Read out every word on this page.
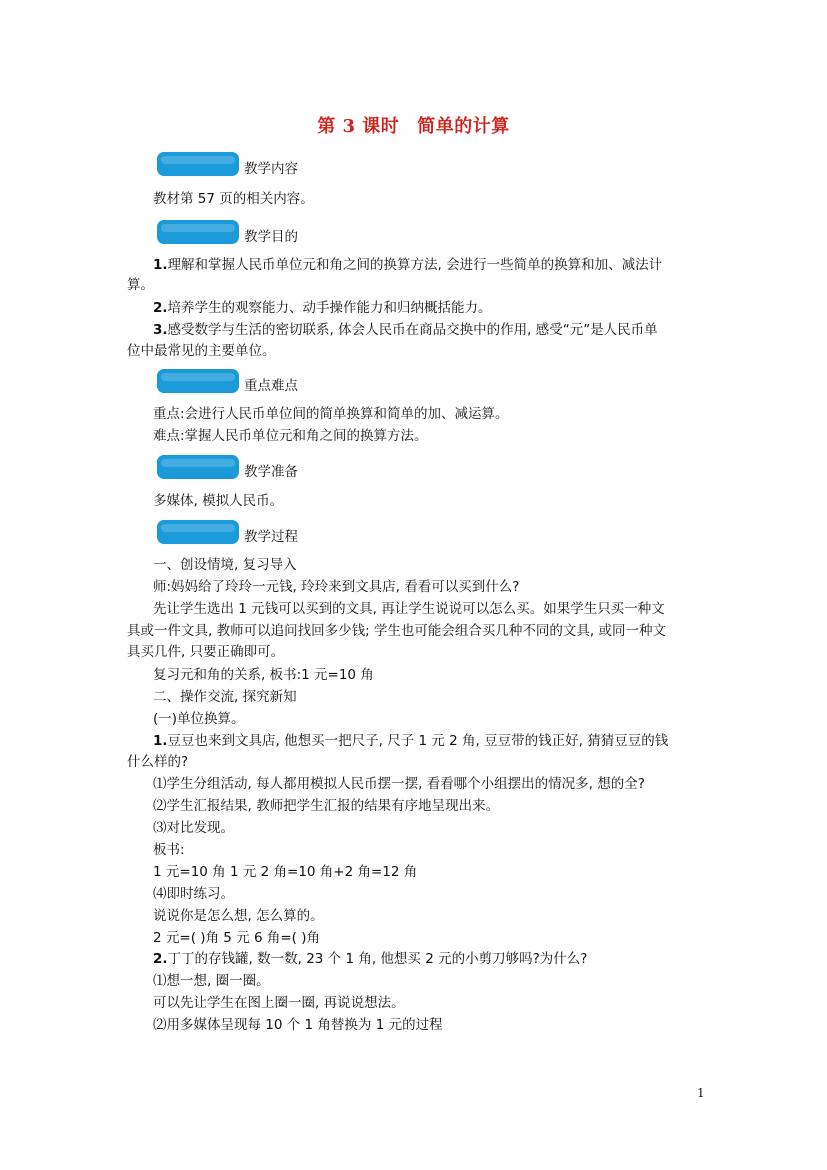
第 3 课时 简单的计算
教学内容
教材第 57 页的相关内容。
教学目的
1.理解和掌握人民币单位元和角之间的换算方法, 会进行一些简单的换算和加、减法计
算。
2.培养学生的观察能力、动手操作能力和归纳概括能力。
3.感受数学与生活的密切联系, 体会人民币在商品交换中的作用, 感受“元”是人民币单
位中最常见的主要单位。
重点难点
重点:会进行人民币单位间的简单换算和简单的加、减运算。
难点:掌握人民币单位元和角之间的换算方法。
教学准备
多媒体, 模拟人民币。
教学过程
一、创设情境, 复习导入
师:妈妈给了玲玲一元钱, 玲玲来到文具店, 看看可以买到什么?
先让学生选出 1 元钱可以买到的文具, 再让学生说说可以怎么买。如果学生只买一种文
具或一件文具, 教师可以追问找回多少钱; 学生也可能会组合买几种不同的文具, 或同一种文
具买几件, 只要正确即可。
复习元和角的关系, 板书:1 元=10 角
二、操作交流, 探究新知
(一)单位换算。
1.豆豆也来到文具店, 他想买一把尺子, 尺子 1 元 2 角, 豆豆带的钱正好, 猜猜豆豆的钱
什么样的?
⑴学生分组活动, 每人都用模拟人民币摆一摆, 看看哪个小组摆出的情况多, 想的全?
⑵学生汇报结果, 教师把学生汇报的结果有序地呈现出来。
⑶对比发现。
板书:
1 元=10 角 1 元 2 角=10 角+2 角=12 角
⑷即时练习。
说说你是怎么想, 怎么算的。
2 元=( )角 5 元 6 角=( )角
2.丁丁的存钱罐, 数一数, 23 个 1 角, 他想买 2 元的小剪刀够吗?为什么?
⑴想一想, 圈一圈。
可以先让学生在图上圈一圈, 再说说想法。
⑵用多媒体呈现每 10 个 1 角替换为 1 元的过程
1
